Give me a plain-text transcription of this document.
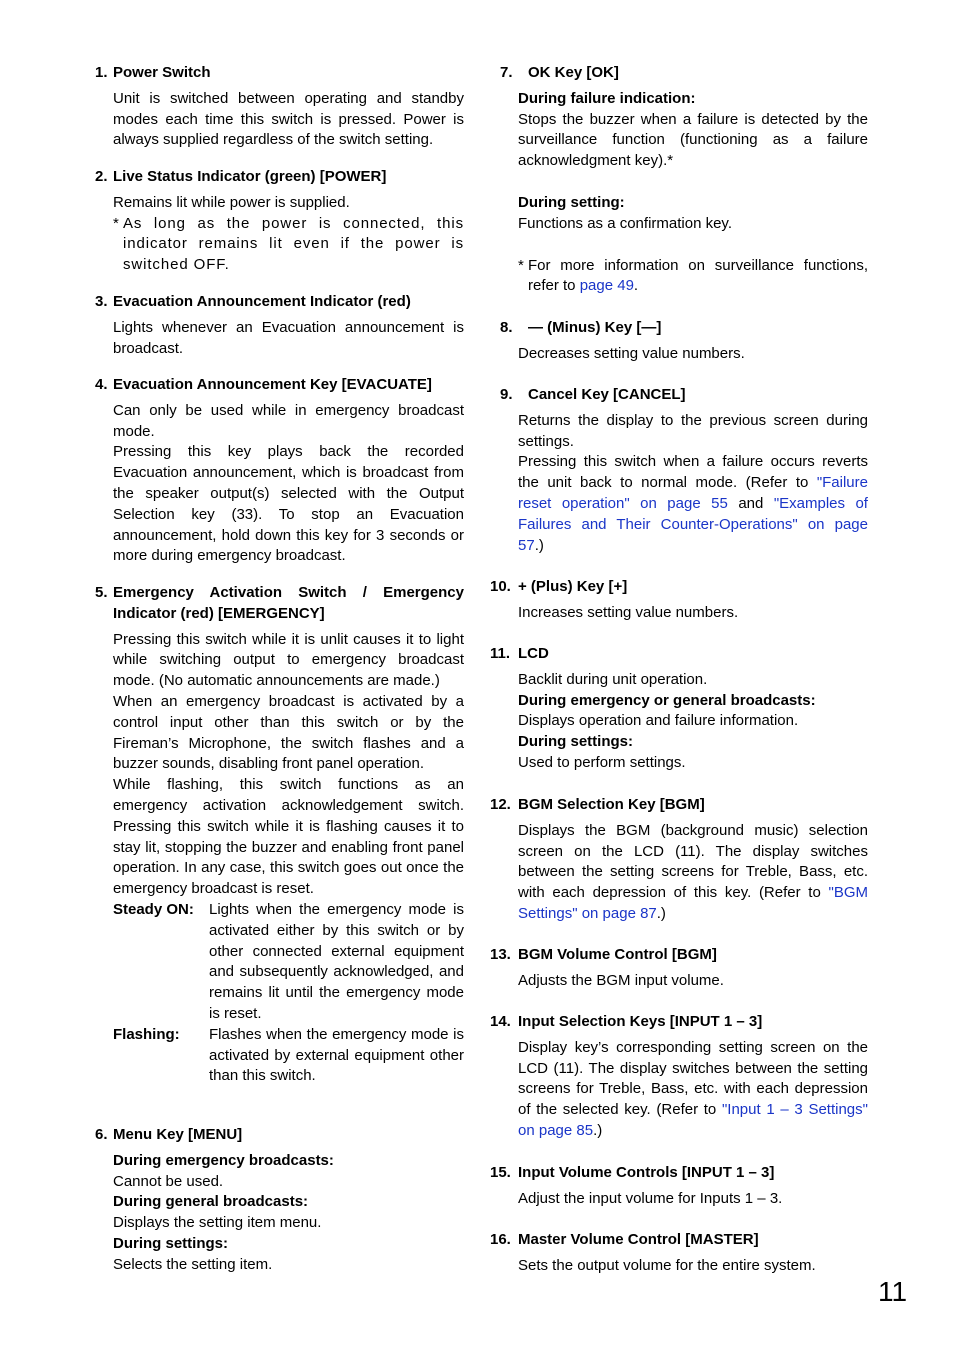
1. Power Switch

Unit is switched between operating and standby modes each time this switch is pressed. Power is always supplied regardless of the switch setting.

2. Live Status Indicator (green) [POWER]

Remains lit while power is supplied.

* As long as the power is connected, this indicator remains lit even if the power is switched OFF.
3. Evacuation Announcement Indicator (red)

Lights whenever an Evacuation announcement is broadcast.

4. Evacuation Announcement Key [EVACUATE]

Can only be used while in emergency broadcast mode.

Pressing this key plays back the recorded Evacuation announcement, which is broadcast from the speaker output(s) selected with the Output Selection key (33). To stop an Evacuation announcement, hold down this key for 3 seconds or more during emergency broadcast.

5. Emergency Activation Switch / Emergency Indicator (red) [EMERGENCY]

Pressing this switch while it is unlit causes it to light while switching output to emergency broadcast mode. (No automatic announcements are made.)

When an emergency broadcast is activated by a control input other than this switch or by the Fireman’s Microphone, the switch flashes and a buzzer sounds, disabling front panel operation.

While flashing, this switch functions as an emergency activation acknowledgement switch. Pressing this switch while it is flashing causes it to stay lit, stopping the buzzer and enabling front panel operation. In any case, this switch goes out once the emergency broadcast is reset.

Steady ON:	Lights when the emergency mode is activated either by this switch or by other connected external equipment and subsequently acknowledged, and remains lit until the emergency mode is reset.
Flashing:	Flashes when the emergency mode is activated by external equipment other than this switch.
6. Menu Key [MENU]

During emergency broadcasts:

Cannot be used.

During general broadcasts:

Displays the setting item menu.

During settings:

Selects the setting item.

7.	OK Key [OK]

During failure indication:

Stops the buzzer when a failure is detected by the surveillance function (functioning as a failure acknowledgment key).*

During setting:

Functions as a confirmation key.

* For more information on surveillance functions, refer to page 49.
8.	— (Minus) Key [—]

Decreases setting value numbers.

9.	Cancel Key [CANCEL]

Returns the display to the previous screen during settings.

Pressing this switch when a failure occurs reverts the unit back to normal mode. (Refer to "Failure reset operation" on page 55 and "Examples of Failures and Their Counter-Operations" on page 57.)

10. + (Plus) Key [+]

Increases setting value numbers.

11. LCD

Backlit during unit operation.

During emergency or general broadcasts:

Displays operation and failure information.

During settings:

Used to perform settings.

12. BGM Selection Key [BGM]

Displays the BGM (background music) selection screen on the LCD (11). The display switches between the setting screens for Treble, Bass, etc. with each depression of this key. (Refer to "BGM Settings" on page 87.)

13. BGM Volume Control [BGM]

Adjusts the BGM input volume.

14. Input Selection Keys [INPUT 1 – 3]

Display key’s corresponding setting screen on the LCD (11). The display switches between the setting screens for Treble, Bass, etc. with each depression of the selected key. (Refer to "Input 1 – 3 Settings" on page 85.)

15. Input Volume Controls [INPUT 1 – 3]

Adjust the input volume for Inputs 1 – 3.

16. Master Volume Control [MASTER]

Sets the output volume for the entire system.

11
